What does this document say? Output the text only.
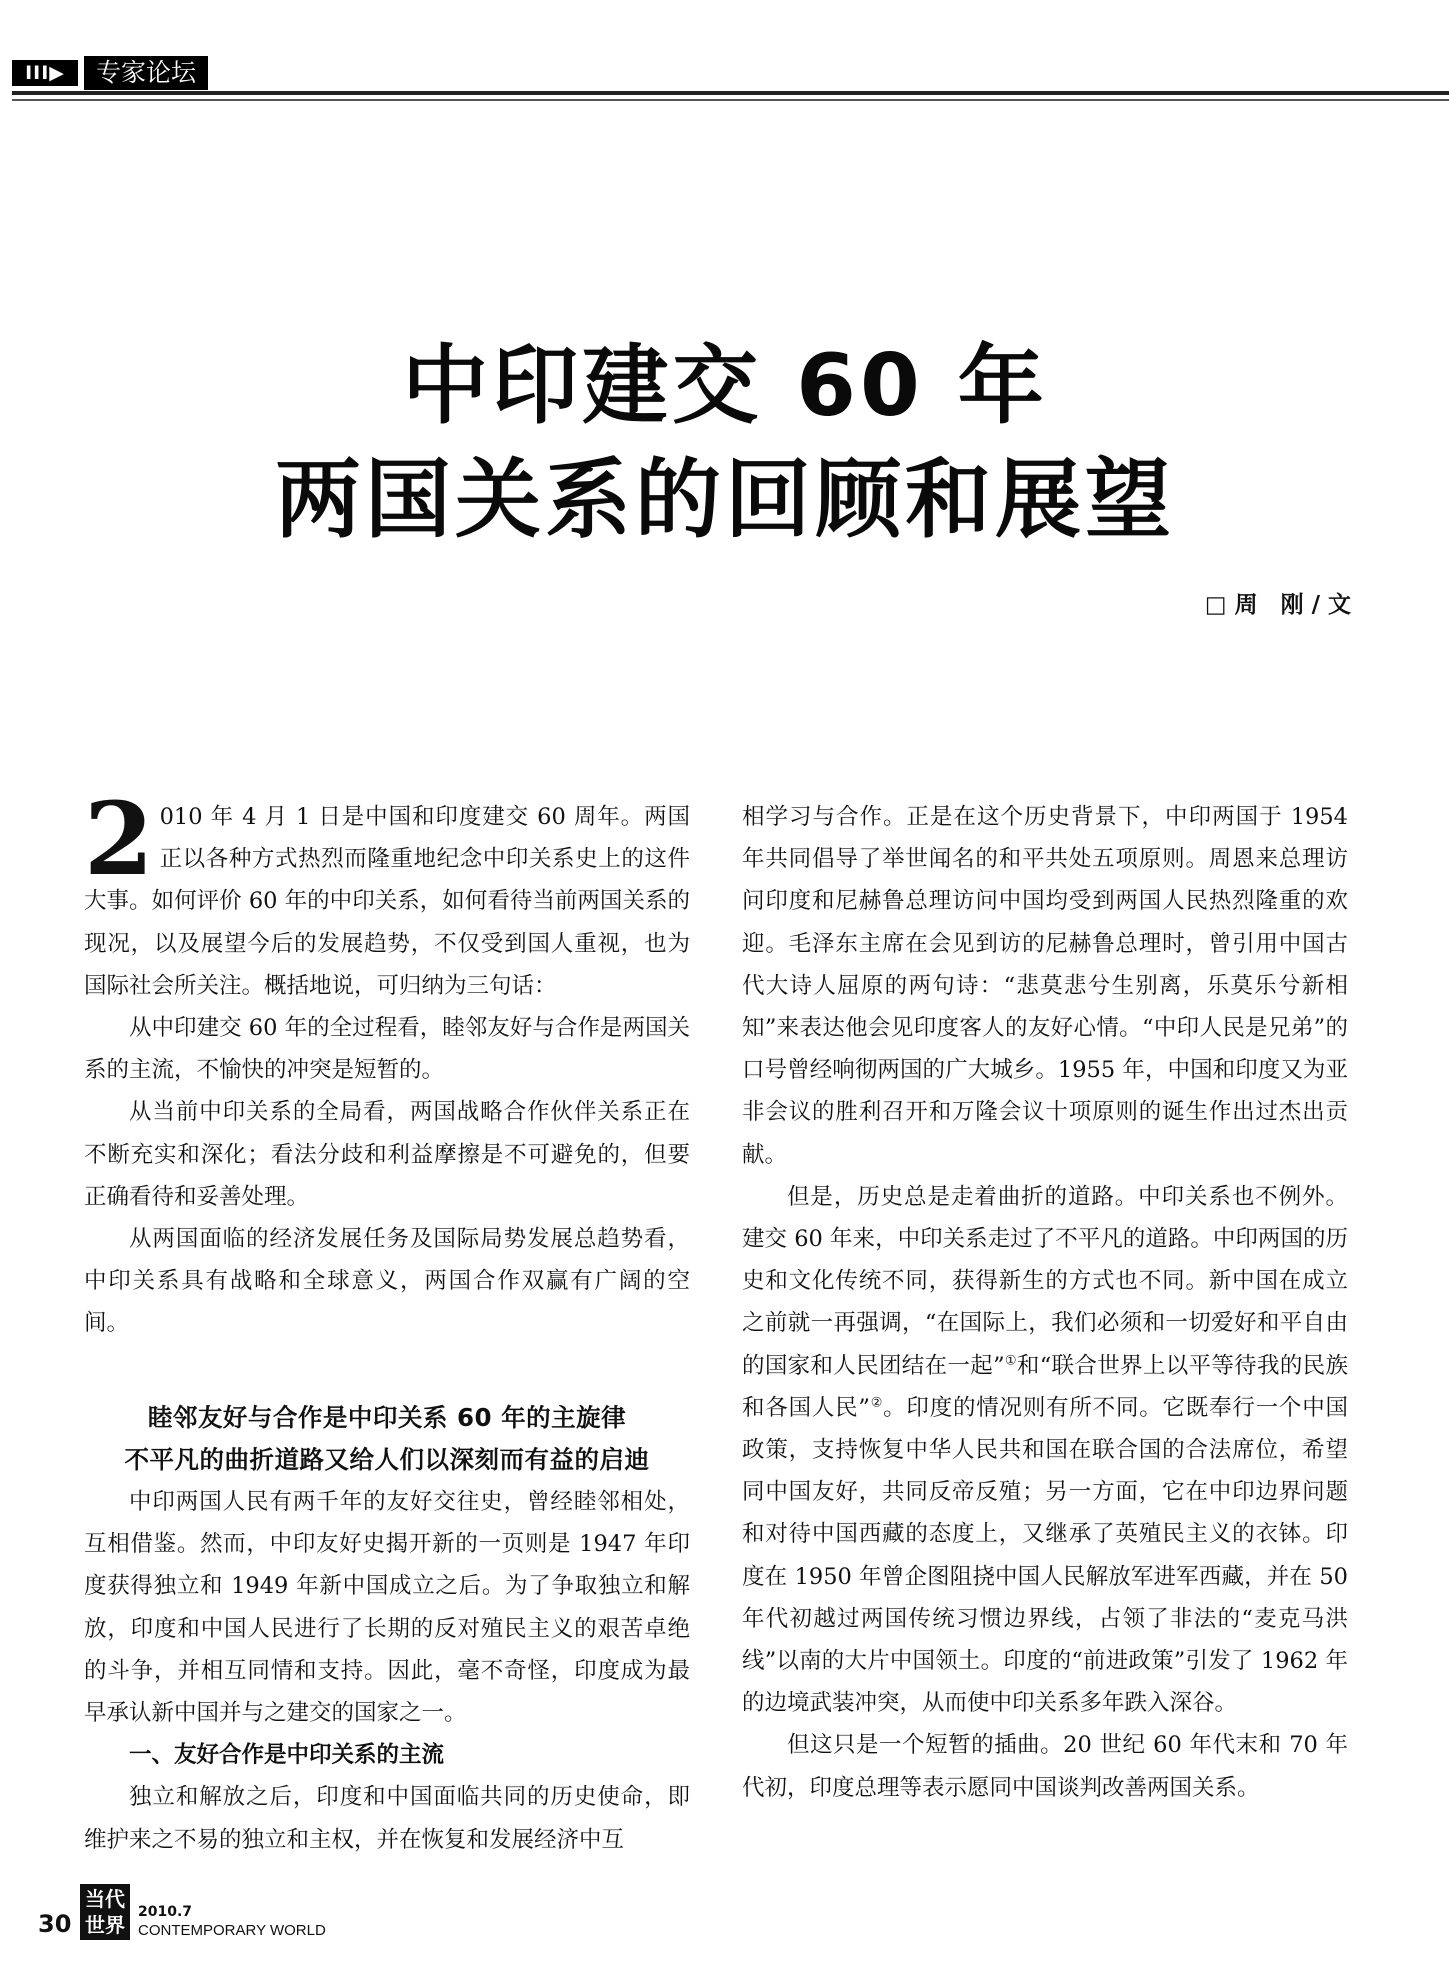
III▶	专家论坛
中印建交 60 年
两国关系的回顾和展望
□ 周　刚 / 文

2 010 年 4 月 1 日是中国和印度建交 60 周年。两国正以各种方式热烈而隆重地纪念中印关系史上的这件大事。如何评价 60 年的中印关系，如何看待当前两国关系的现况，以及展望今后的发展趋势，不仅受到国人重视，也为国际社会所关注。概括地说，可归纳为三句话：

从中印建交 60 年的全过程看，睦邻友好与合作是两国关系的主流，不愉快的冲突是短暂的。

从当前中印关系的全局看，两国战略合作伙伴关系正在不断充实和深化；看法分歧和利益摩擦是不可避免的，但要正确看待和妥善处理。

从两国面临的经济发展任务及国际局势发展总趋势看，中印关系具有战略和全球意义，两国合作双赢有广阔的空间。

睦邻友好与合作是中印关系 60 年的主旋律
不平凡的曲折道路又给人们以深刻而有益的启迪

中印两国人民有两千年的友好交往史，曾经睦邻相处，互相借鉴。然而，中印友好史揭开新的一页则是 1947 年印度获得独立和 1949 年新中国成立之后。为了争取独立和解放，印度和中国人民进行了长期的反对殖民主义的艰苦卓绝的斗争，并相互同情和支持。因此，毫不奇怪，印度成为最早承认新中国并与之建交的国家之一。

一、友好合作是中印关系的主流

独立和解放之后，印度和中国面临共同的历史使命，即维护来之不易的独立和主权，并在恢复和发展经济中互

相学习与合作。正是在这个历史背景下，中印两国于 1954 年共同倡导了举世闻名的和平共处五项原则。周恩来总理访问印度和尼赫鲁总理访问中国均受到两国人民热烈隆重的欢迎。毛泽东主席在会见到访的尼赫鲁总理时，曾引用中国古代大诗人屈原的两句诗：“悲莫悲兮生别离，乐莫乐兮新相知”来表达他会见印度客人的友好心情。“中印人民是兄弟”的口号曾经响彻两国的广大城乡。1955 年，中国和印度又为亚非会议的胜利召开和万隆会议十项原则的诞生作出过杰出贡献。

但是，历史总是走着曲折的道路。中印关系也不例外。建交 60 年来，中印关系走过了不平凡的道路。中印两国的历史和文化传统不同，获得新生的方式也不同。新中国在成立之前就一再强调，“在国际上，我们必须和一切爱好和平自由的国家和人民团结在一起”①和“联合世界上以平等待我的民族和各国人民”②。印度的情况则有所不同。它既奉行一个中国政策，支持恢复中华人民共和国在联合国的合法席位，希望同中国友好，共同反帝反殖；另一方面，它在中印边界问题和对待中国西藏的态度上，又继承了英殖民主义的衣钵。印度在 1950 年曾企图阻挠中国人民解放军进军西藏，并在 50 年代初越过两国传统习惯边界线，占领了非法的“麦克马洪线”以南的大片中国领土。印度的“前进政策”引发了 1962 年的边境武装冲突，从而使中印关系多年跌入深谷。

但这只是一个短暂的插曲。20 世纪 60 年代末和 70 年代初，印度总理等表示愿同中国谈判改善两国关系。

30
当代世界
2010.7
CONTEMPORARY WORLD
